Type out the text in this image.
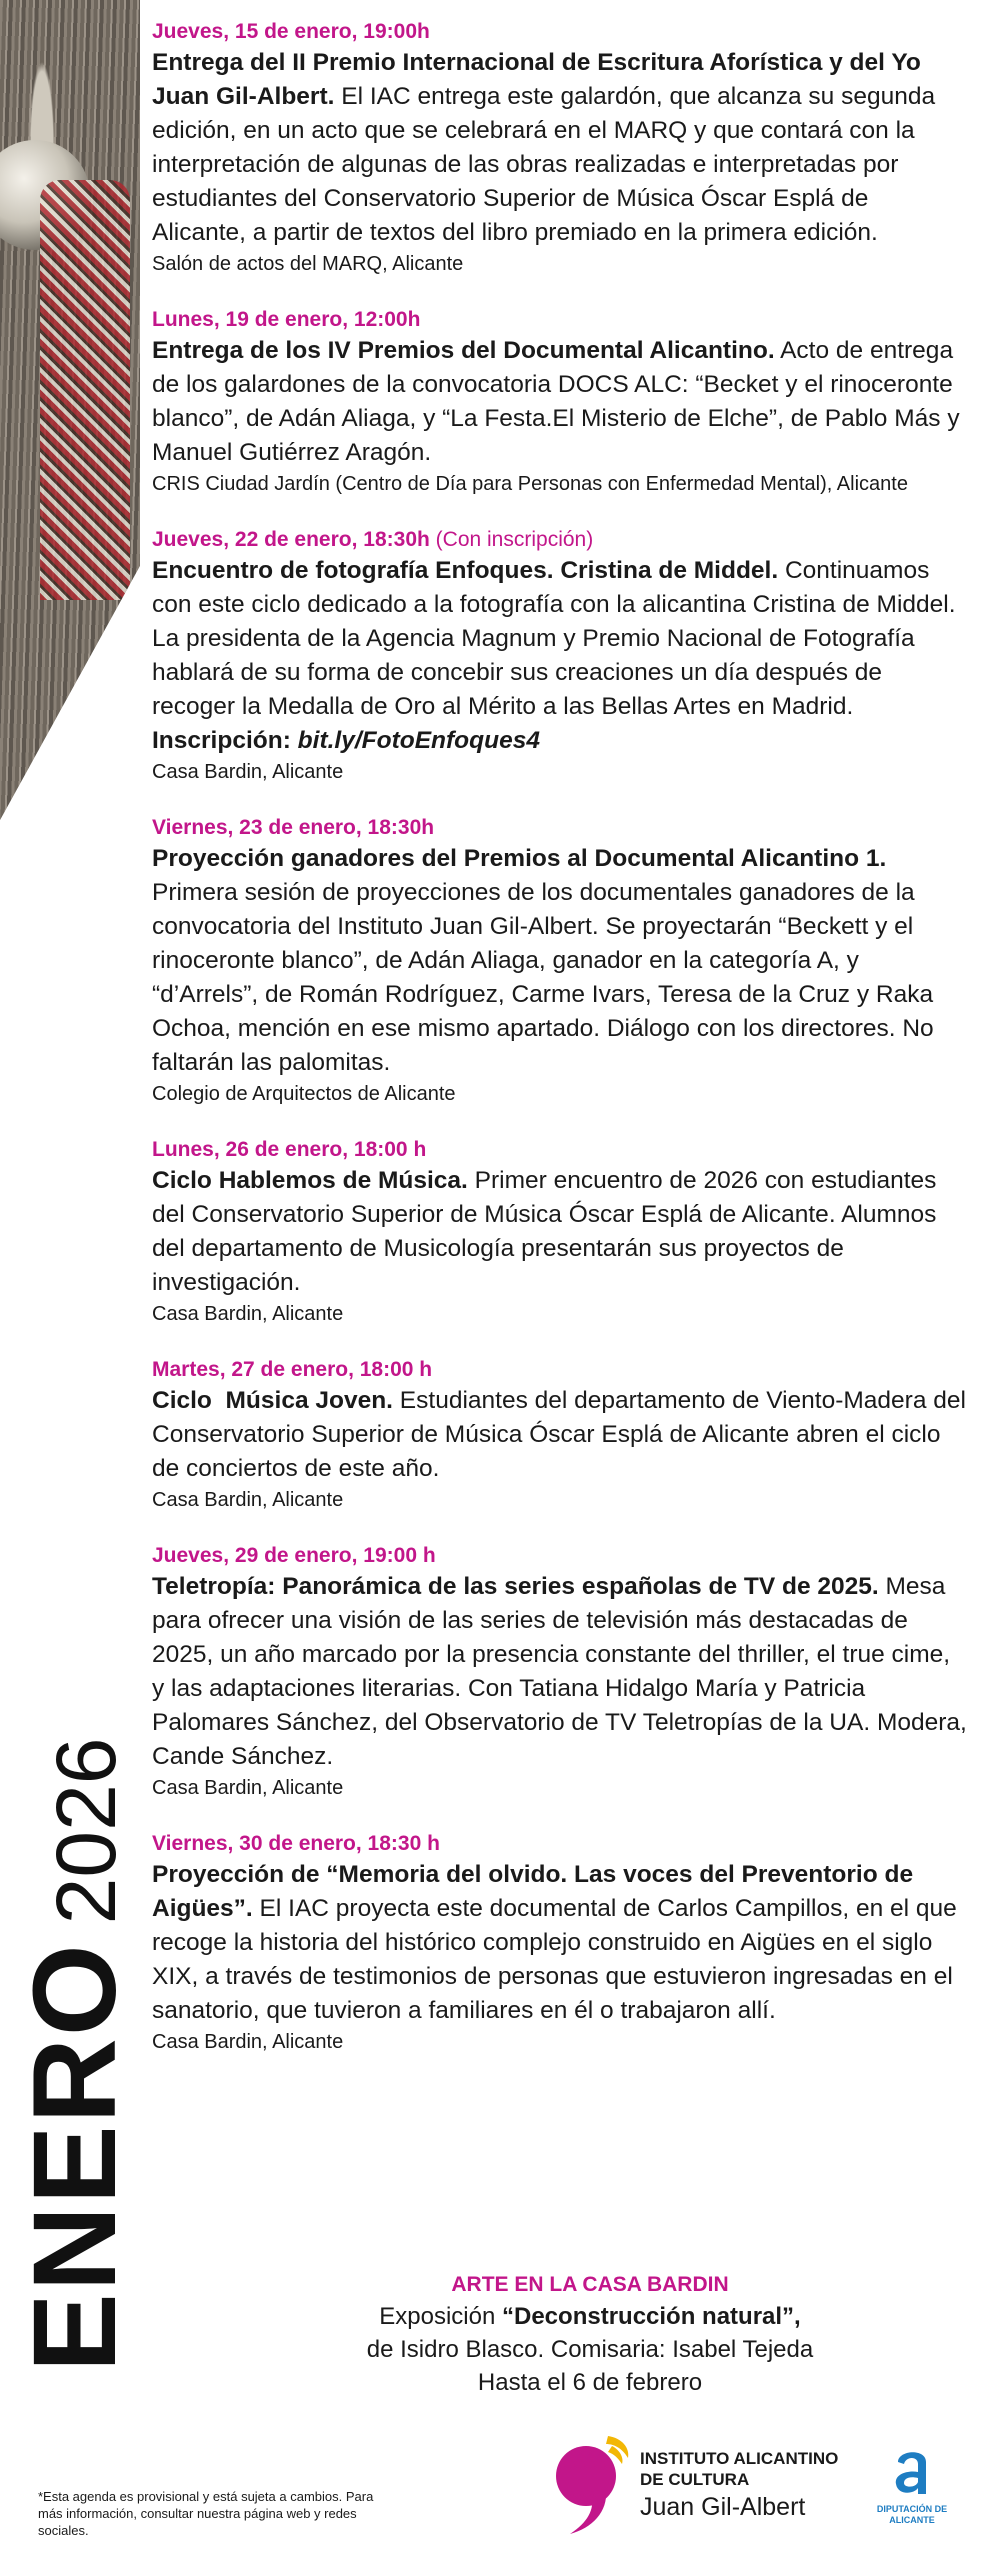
Jueves, 15 de enero, 19:00h

Entrega del II Premio Internacional de Escritura Aforística y del Yo Juan Gil-Albert. El IAC entrega este galardón, que alcanza su segunda edición, en un acto que se celebrará en el MARQ y que contará con la interpretación de algunas de las obras realizadas e interpretadas por estudiantes del Conservatorio Superior de Música Óscar Esplá de Alicante, a partir de textos del libro premiado en la primera edición.

Salón de actos del MARQ, Alicante

Lunes, 19 de enero, 12:00h

Entrega de los IV Premios del Documental Alicantino. Acto de entrega de los galardones de la convocatoria DOCS ALC: “Becket y el rinoceronte blanco”, de Adán Aliaga, y “La Festa.El Misterio de Elche”, de Pablo Más y Manuel Gutiérrez Aragón.

CRIS Ciudad Jardín (Centro de Día para Personas con Enfermedad Mental), Alicante

Jueves, 22 de enero, 18:30h (Con inscripción)

Encuentro de fotografía Enfoques. Cristina de Middel. Continuamos con este ciclo dedicado a la fotografía con la alicantina Cristina de Middel. La presidenta de la Agencia Magnum y Premio Nacional de Fotografía hablará de su forma de concebir sus creaciones un día después de recoger la Medalla de Oro al Mérito a las Bellas Artes en Madrid.

Inscripción: bit.ly/FotoEnfoques4

Casa Bardin, Alicante

Viernes, 23 de enero, 18:30h

Proyección ganadores del Premios al Documental Alicantino 1. Primera sesión de proyecciones de los documentales ganadores de la convocatoria del Instituto Juan Gil-Albert. Se proyectarán “Beckett y el rinoceronte blanco”, de Adán Aliaga, ganador en la categoría A, y “d’Arrels”, de Román Rodríguez, Carme Ivars, Teresa de la Cruz y Raka Ochoa, mención en ese mismo apartado. Diálogo con los directores. No faltarán las palomitas.

Colegio de Arquitectos de Alicante

Lunes, 26 de enero, 18:00 h

Ciclo Hablemos de Música. Primer encuentro de 2026 con estudiantes del Conservatorio Superior de Música Óscar Esplá de Alicante. Alumnos del departamento de Musicología presentarán sus proyectos de investigación.

Casa Bardin, Alicante

Martes, 27 de enero, 18:00 h

Ciclo  Música Joven. Estudiantes del departamento de Viento-Madera del Conservatorio Superior de Música Óscar Esplá de Alicante abren el ciclo de conciertos de este año.

Casa Bardin, Alicante

Jueves, 29 de enero, 19:00 h

Teletropía: Panorámica de las series españolas de TV de 2025. Mesa para ofrecer una visión de las series de televisión más destacadas de 2025, un año marcado por la presencia constante del thriller, el true cime, y las adaptaciones literarias. Con Tatiana Hidalgo María y Patricia Palomares Sánchez, del Observatorio de TV Teletropías de la UA. Modera, Cande Sánchez.

Casa Bardin, Alicante

Viernes, 30 de enero, 18:30 h

Proyección de “Memoria del olvido. Las voces del Preventorio de Aigües”. El IAC proyecta este documental de Carlos Campillos, en el que recoge la historia del histórico complejo construido en Aigües en el siglo XIX, a través de testimonios de personas que estuvieron ingresadas en el sanatorio, que tuvieron a familiares en él o trabajaron allí.

Casa Bardin, Alicante

ARTE EN LA CASA BARDIN

Exposición “Deconstrucción natural”,

de Isidro Blasco. Comisaria: Isabel Tejeda

Hasta el 6 de febrero

ENERO2026

*Esta agenda es provisional y está sujeta a cambios. Para más información, consultar nuestra página web y redes sociales.

INSTITUTO ALICANTINO DE CULTURA

Juan Gil-Albert	DIPUTACIÓN DE ALICANTE
